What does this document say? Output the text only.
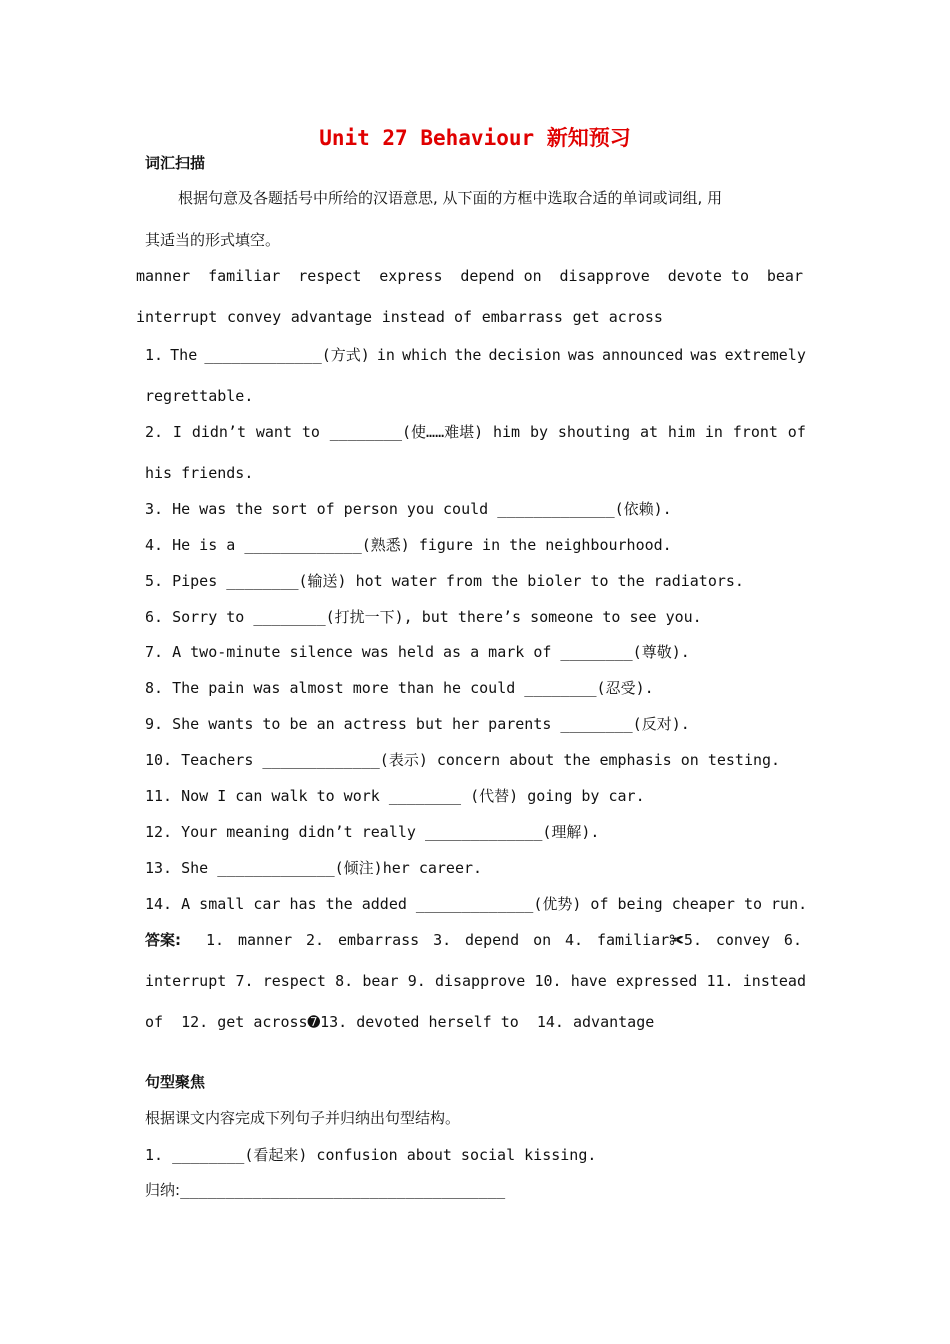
Unit 27 Behaviour 新知预习
词汇扫描
根据句意及各题括号中所给的汉语意思, 从下面的方框中选取合适的单词或词组, 用
其适当的形式填空。
manner familiar respect express depend on disapprove devote to bear
interrupt convey advantage instead of embarrass get across
1. The _____________(方式) in which the decision was announced was extremely
regrettable.
2. I didn’t want to ________(使……难堪) him by shouting at him in front of
his friends.
3. He was the sort of person you could _____________(依赖).
4. He is a _____________(熟悉) figure in the neighbourhood.
5. Pipes ________(输送) hot water from the bioler to the radiators.
6. Sorry to ________(打扰一下), but there’s someone to see you.
7. A two-minute silence was held as a mark of ________(尊敬).
8. The pain was almost more than he could ________(忍受).
9. She wants to be an actress but her parents ________(反对).
10. Teachers _____________(表示) concern about the emphasis on testing.
11. Now I can walk to work ________ (代替) going by car.
12. Your meaning didn’t really _____________(理解).
13. She _____________(倾注)her career.
14. A small car has the added _____________(优势) of being cheaper to run.
答案: 1. manner 2. embarrass 3. depend on 4. familiar✀5. convey 6.
interrupt 7. respect 8. bear 9. disapprove 10. have expressed 11. instead
of  12. get across➐13. devoted herself to  14. advantage
句型聚焦
根据课文内容完成下列句子并归纳出句型结构。
1. ________(看起来) confusion about social kissing.
归纳:____________________________________
